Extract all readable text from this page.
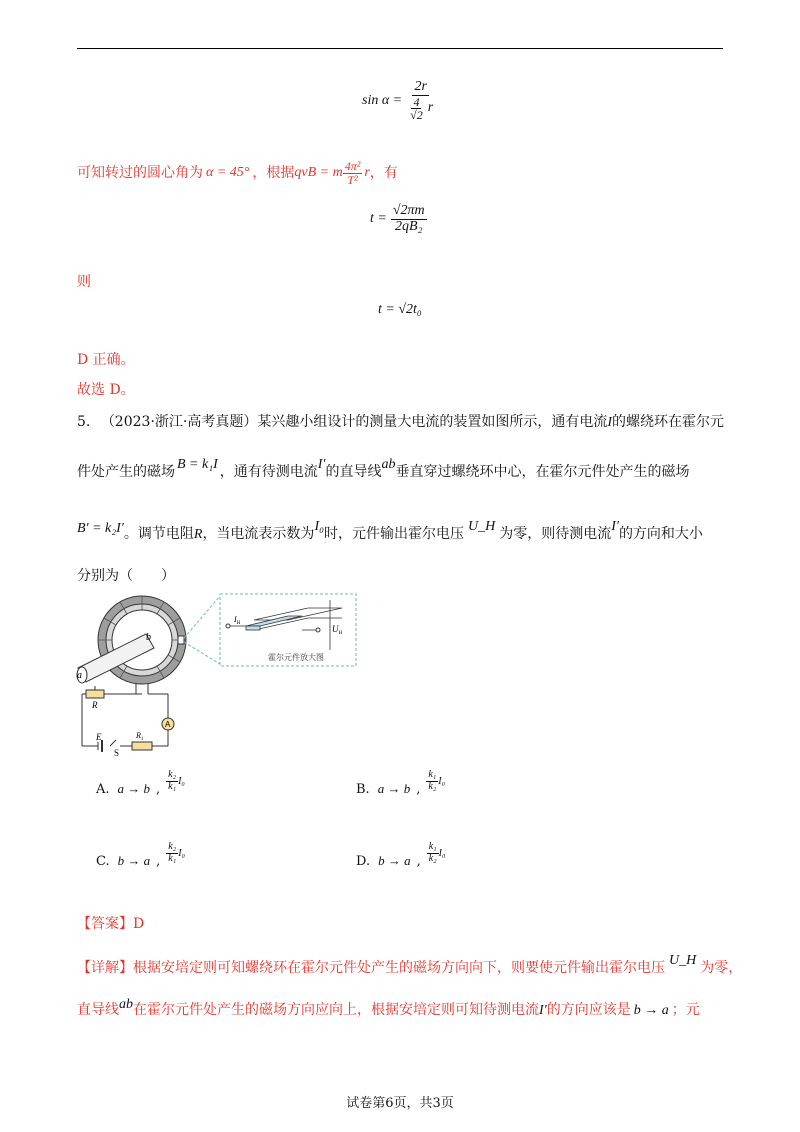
$\sin \alpha = \frac{2r}{\frac{4}{√2} r}$
可知转过的圆心角为 α = 45° ，根据 qvB = m $\frac{\text{4π²}}{\text{T²}}$ r ，有
$t = \frac{√2\pi m}{\text{2qB₂}}$
则
t = √2t₀
D 正确。
故选 D。
5. （2023·浙江·高考真题）某兴趣小组设计的测量大电流的装置如图所示，通有电流I的螺绕环在霍尔元
件处产生的磁场 B = k₁I ，通有待测电流I′的直导线ab垂直穿过螺绕环中心，在霍尔元件处产生的磁场
B′ = k₂I′。调节电阻R，当电流表示数为I₀时，元件输出霍尔电压 U_H 为零，则待测电流I′的方向和大小
分别为（　　）
a
b
$I_H$
$U_H$
霍尔元件放大图
A
R
E
S
$R_1$
A. a → b , $\frac{\text{k₂}}{\text{k₁}} I_0$
B. a → b , $\frac{\text{k₁}}{\text{k₂}} I_0$
C. b → a , $\frac{\text{k₂}}{\text{k₁}} I_0$
D. b → a , $\frac{\text{k₁}}{\text{k₂}} I_0$
【答案】D
【详解】根据安培定则可知螺绕环在霍尔元件处产生的磁场方向向下，则要使元件输出霍尔电压 U_H 为零，
直导线ab在霍尔元件处产生的磁场方向应向上，根据安培定则可知待测电流I′的方向应该是 b → a ；元
试卷第6页，共3页
